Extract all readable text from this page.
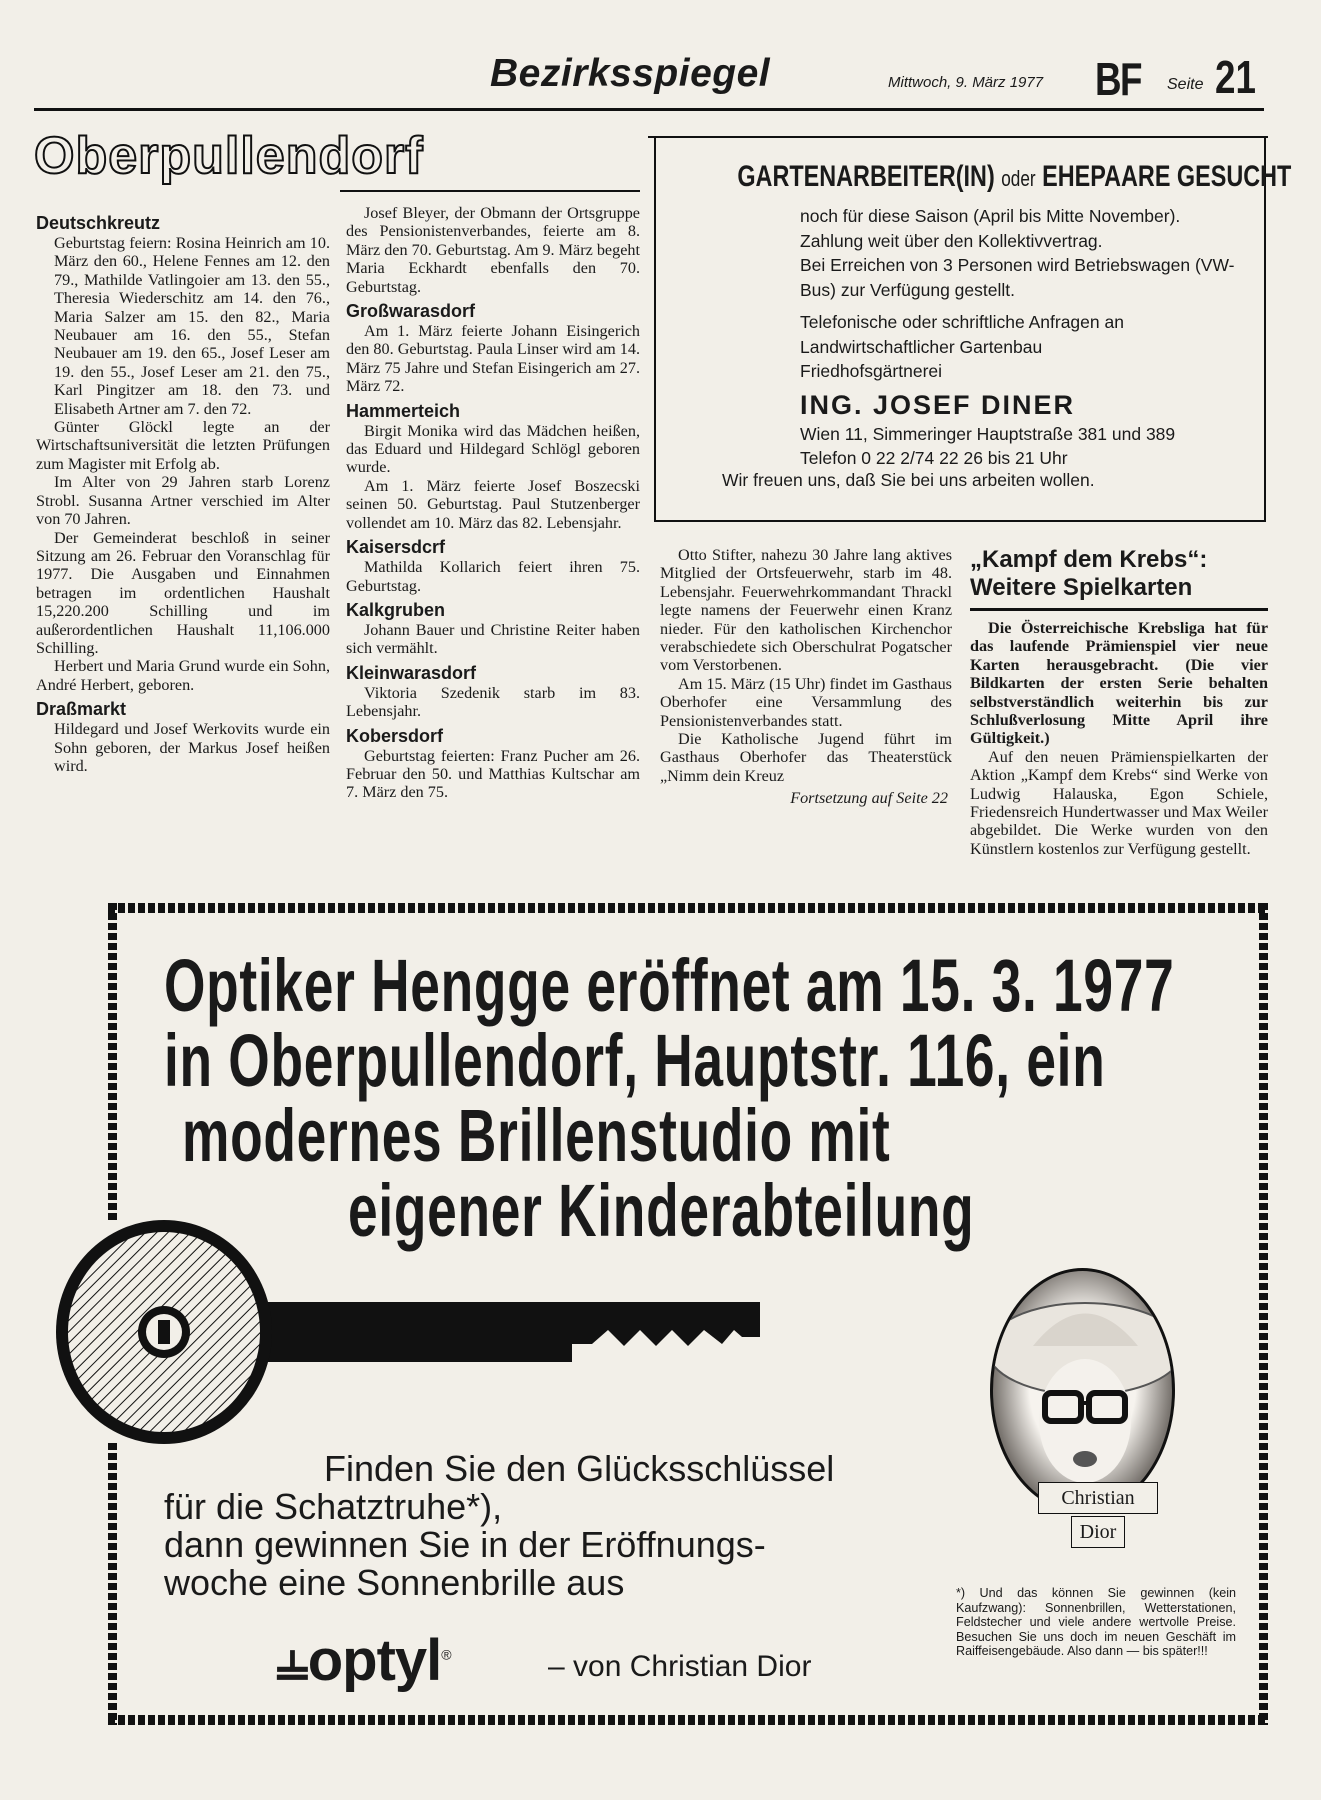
Bezirksspiegel	Mittwoch, 9. März 1977 BF Seite 21
Oberpullendorf
Deutschkreutz

Geburtstag feiern: Rosina Heinrich am 10. März den 60., Helene Fennes am 12. den 79., Mathilde Vatlingoier am 13. den 55., Theresia Wiederschitz am 14. den 76., Maria Salzer am 15. den 82., Maria Neubauer am 16. den 55., Stefan Neubauer am 19. den 65., Josef Leser am 19. den 55., Josef Leser am 21. den 75., Karl Pingitzer am 18. den 73. und Elisabeth Artner am 7. den 72.

Günter Glöckl legte an der Wirtschaftsuniversität die letzten Prüfungen zum Magister mit Erfolg ab.

Im Alter von 29 Jahren starb Lorenz Strobl. Susanna Artner verschied im Alter von 70 Jahren.

Der Gemeinderat beschloß in seiner Sitzung am 26. Februar den Voranschlag für 1977. Die Ausgaben und Einnahmen betragen im ordentlichen Haushalt 15,220.200 Schilling und im außerordentlichen Haushalt 11,106.000 Schilling.

Herbert und Maria Grund wurde ein Sohn, André Herbert, geboren.

Draßmarkt

Hildegard und Josef Werkovits wurde ein Sohn geboren, der Markus Josef heißen wird.

Josef Bleyer, der Obmann der Ortsgruppe des Pensionistenverbandes, feierte am 8. März den 70. Geburtstag. Am 9. März begeht Maria Eckhardt ebenfalls den 70. Geburtstag.

Großwarasdorf

Am 1. März feierte Johann Eisingerich den 80. Geburtstag. Paula Linser wird am 14. März 75 Jahre und Stefan Eisingerich am 27. März 72.

Hammerteich

Birgit Monika wird das Mädchen heißen, das Eduard und Hildegard Schlögl geboren wurde.

Am 1. März feierte Josef Boszecski seinen 50. Geburtstag. Paul Stutzenberger vollendet am 10. März das 82. Lebensjahr.

Kaisersdcrf

Mathilda Kollarich feiert ihren 75. Geburtstag.

Kalkgruben

Johann Bauer und Christine Reiter haben sich vermählt.

Kleinwarasdorf

Viktoria Szedenik starb im 83. Lebensjahr.

Kobersdorf

Geburtstag feierten: Franz Pucher am 26. Februar den 50. und Matthias Kultschar am 7. März den 75.

GARTENARBEITER(IN) oder EHEPAARE GESUCHT
noch für diese Saison (April bis Mitte November).
Zahlung weit über den Kollektivvertrag.
Bei Erreichen von 3 Personen wird Betriebswagen (VW-Bus) zur Verfügung gestellt.
Telefonische oder schriftliche Anfragen an
Landwirtschaftlicher Gartenbau
Friedhofsgärtnerei
ING. JOSEF DINER
Wien 11, Simmeringer Hauptstraße 381 und 389
Telefon 0 22 2/74 22 26 bis 21 Uhr
Wir freuen uns, daß Sie bei uns arbeiten wollen.

Otto Stifter, nahezu 30 Jahre lang aktives Mitglied der Ortsfeuerwehr, starb im 48. Lebensjahr. Feuerwehrkommandant Thrackl legte namens der Feuerwehr einen Kranz nieder. Für den katholischen Kirchenchor verabschiedete sich Oberschulrat Pogatscher vom Verstorbenen.

Am 15. März (15 Uhr) findet im Gasthaus Oberhofer eine Versammlung des Pensionistenverbandes statt.

Die Katholische Jugend führt im Gasthaus Oberhofer das Theaterstück „Nimm dein Kreuz

Fortsetzung auf Seite 22
„Kampf dem Krebs“:
Weitere Spielkarten

Die Österreichische Krebsliga hat für das laufende Prämienspiel vier neue Karten herausgebracht. (Die vier Bildkarten der ersten Serie behalten selbstverständlich weiterhin bis zur Schlußverlosung Mitte April ihre Gültigkeit.)

Auf den neuen Prämienspielkarten der Aktion „Kampf dem Krebs“ sind Werke von Ludwig Halauska, Egon Schiele, Friedensreich Hundertwasser und Max Weiler abgebildet. Die Werke wurden von den Künstlern kostenlos zur Verfügung gestellt.

Optiker Hengge eröffnet am 15. 3. 1977
in Oberpullendorf, Hauptstr. 116, ein
modernes Brillenstudio mit
eigener Kinderabteilung
Christian
Dior
Finden Sie den Glücksschlüssel
für die Schatztruhe*),
dann gewinnen Sie in der Eröffnungs-
woche eine Sonnenbrille aus
⫨optyl®	– von Christian Dior
*) Und das können Sie gewinnen (kein Kaufzwang): Sonnenbrillen, Wetterstationen, Feldstecher und viele andere wertvolle Preise. Besuchen Sie uns doch im neuen Geschäft im Raiffeisengebäude. Also dann — bis später!!!
